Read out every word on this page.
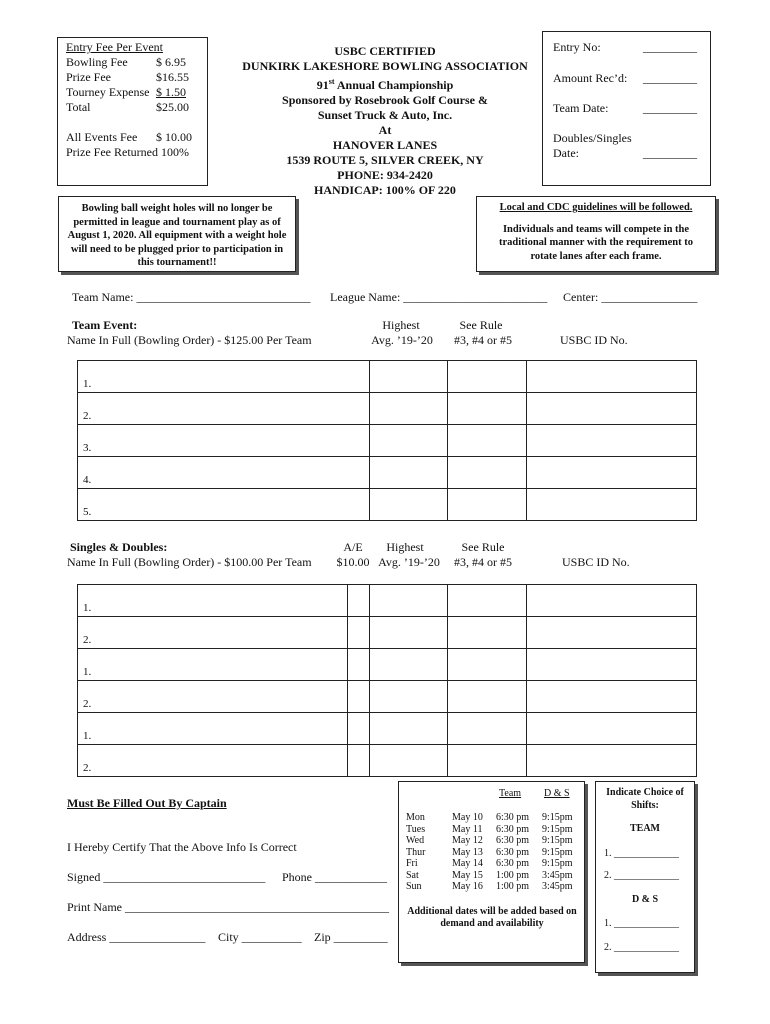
Entry Fee Per Event
Bowling Fee $ 6.95
Prize Fee	$16.55
Tourney Expense $ 1.50
Total	$25.00
All Events Fee $ 10.00
Prize Fee Returned 100%
USBC CERTIFIED
DUNKIRK LAKESHORE BOWLING ASSOCIATION
91st Annual Championship
Sponsored by Rosebrook Golf Course &
Sunset Truck & Auto, Inc.
At
HANOVER LANES
1539 ROUTE 5, SILVER CREEK, NY
PHONE: 934-2420
HANDICAP: 100% OF 220
Entry No:	_________
Amount Rec’d: _________
Team Date:	_________
Doubles/Singles
Date:	_________
Bowling ball weight holes will no longer be permitted in league and tournament play as of August 1, 2020. All equipment with a weight hole will need to be plugged prior to participation in this tournament!!
Local and CDC guidelines will be followed.
Individuals and teams will compete in the traditional manner with the requirement to rotate lanes after each frame.
Team Name: _____________________________ League Name: ________________________ Center: ________________
Team Event:
Name In Full (Bowling Order) - $125.00 Per Team
Highest
Avg. ’19-’20
See Rule
#3, #4 or #5	USBC ID No.
1.			
2.			
3.			
4.			
5.			
Singles & Doubles:
Name In Full (Bowling Order) - $100.00 Per Team
A/E
$10.00
Highest
Avg. ’19-’20
See Rule
#3, #4 or #5	USBC ID No.
1.				
2.				
1.				
2.				
1.				
2.				
Must Be Filled Out By Captain
I Hereby Certify That the Above Info Is Correct
Signed ___________________________ Phone ____________
Print Name ____________________________________________
Address ________________ City __________ Zip _________
Team D & S
Mon	May 10	6:30 pm	9:15pm
Tues	May 11	6:30 pm	9:15pm
Wed	May 12	6:30 pm	9:15pm
Thur	May 13	6:30 pm	9:15pm
Fri	May 14	6:30 pm	9:15pm
Sat	May 15	1:00 pm	3:45pm
Sun	May 16	1:00 pm	3:45pm
Additional dates will be added based on demand and availability
Indicate Choice of Shifts:
TEAM
1. _____________
2. _____________
D & S
1. _____________
2. _____________
